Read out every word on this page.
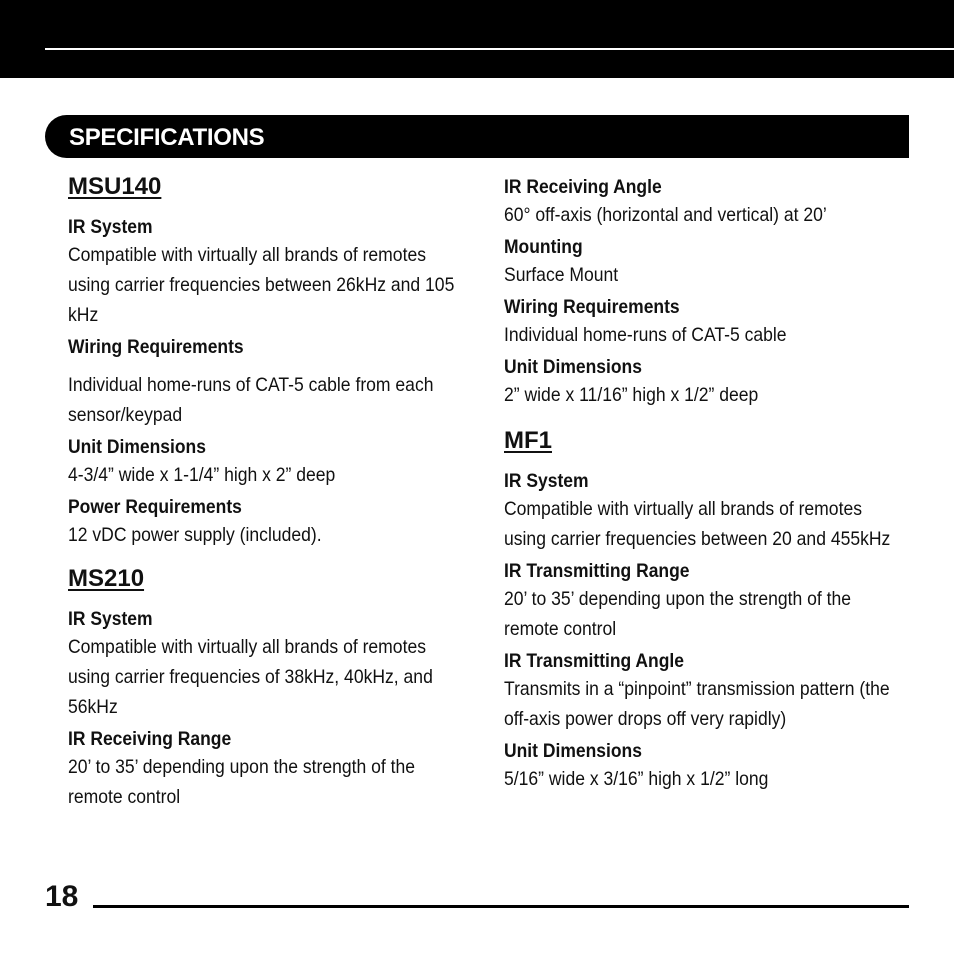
SPECIFICATIONS
MSU140
IR System
Compatible with virtually all brands of remotes using carrier frequencies between 26kHz and 105 kHz
Wiring Requirements
Individual home-runs of CAT-5 cable from each sensor/keypad
Unit Dimensions
4-3/4” wide x 1-1/4” high x 2” deep
Power Requirements
12 vDC power supply (included).
MS210
IR System
Compatible with virtually all brands of remotes using carrier frequencies of 38kHz, 40kHz, and 56kHz
IR Receiving Range
20’ to 35’ depending upon the strength of the remote control
IR Receiving Angle
60° off-axis (horizontal and vertical) at 20’
Mounting
Surface Mount
Wiring Requirements
Individual home-runs of CAT-5 cable
Unit Dimensions
2” wide x 11/16” high x 1/2” deep
MF1
IR System
Compatible with virtually all brands of remotes using carrier frequencies between 20 and 455kHz
IR Transmitting Range
20’ to 35’ depending upon the strength of the remote control
IR Transmitting Angle
Transmits in a “pinpoint” transmission pattern (the off-axis power drops off very rapidly)
Unit Dimensions
5/16” wide x 3/16” high x 1/2” long
18
